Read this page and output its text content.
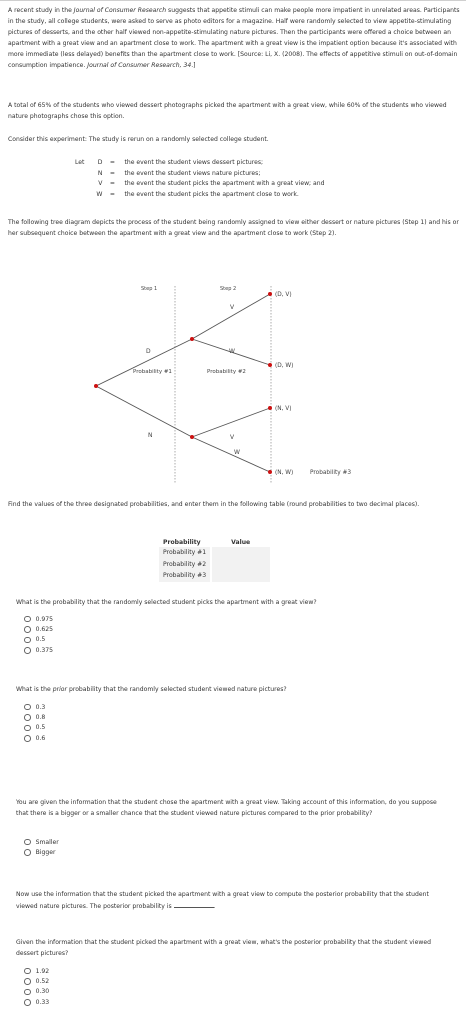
A recent study in the Journal of Consumer Research suggests that appetite stimuli can make people more impatient in unrelated areas. Participants in the study, all college students, were asked to serve as photo editors for a magazine. Half were randomly selected to view appetite-stimulating pictures of desserts, and the other half viewed non-appetite-stimulating nature pictures. Then the participants were offered a choice between an apartment with a great view and an apartment close to work. The apartment with a great view is the impatient option because it's associated with more immediate (less delayed) benefits than the apartment close to work. [Source: Li, X. (2008). The effects of appetitive stimuli on out-of-domain consumption impatience. Journal of Consumer Research, 34.]

A total of 65% of the students who viewed dessert photographs picked the apartment with a great view, while 60% of the students who viewed nature photographs chose this option.

Consider this experiment: The study is rerun on a randomly selected college student.

Let	D	=	the event the student views dessert pictures;
	N	=	the event the student views nature pictures;
	V	=	the event the student picks the apartment with a great view; and
	W	=	the event the student picks the apartment close to work.

The following tree diagram depicts the process of the student being randomly assigned to view either dessert or nature pictures (Step 1) and his or her subsequent choice between the apartment with a great view and the apartment close to work (Step 2).

Step 1	Step 2
D
Probability #1
N
V
W
Probability #2
V
W
(D, V)
(D, W)
(N, V)
(N, W)	Probability #3

Find the values of the three designated probabilities, and enter them in the following table (round probabilities to two decimal places).

Probability	Value
Probability #1	
Probability #2	
Probability #3	

What is the probability that the randomly selected student picks the apartment with a great view?

0.975
0.625
0.5
0.375

What is the prior probability that the randomly selected student viewed nature pictures?

0.3
0.8
0.5
0.6

You are given the information that the student chose the apartment with a great view. Taking account of this information, do you suppose that there is a bigger or a smaller chance that the student viewed nature pictures compared to the prior probability?

Smaller
Bigger

Now use the information that the student picked the apartment with a great view to compute the posterior probability that the student viewed nature pictures. The posterior probability is	.

Given the information that the student picked the apartment with a great view, what's the posterior probability that the student viewed dessert pictures?

1.92
0.52
0.30
0.33
